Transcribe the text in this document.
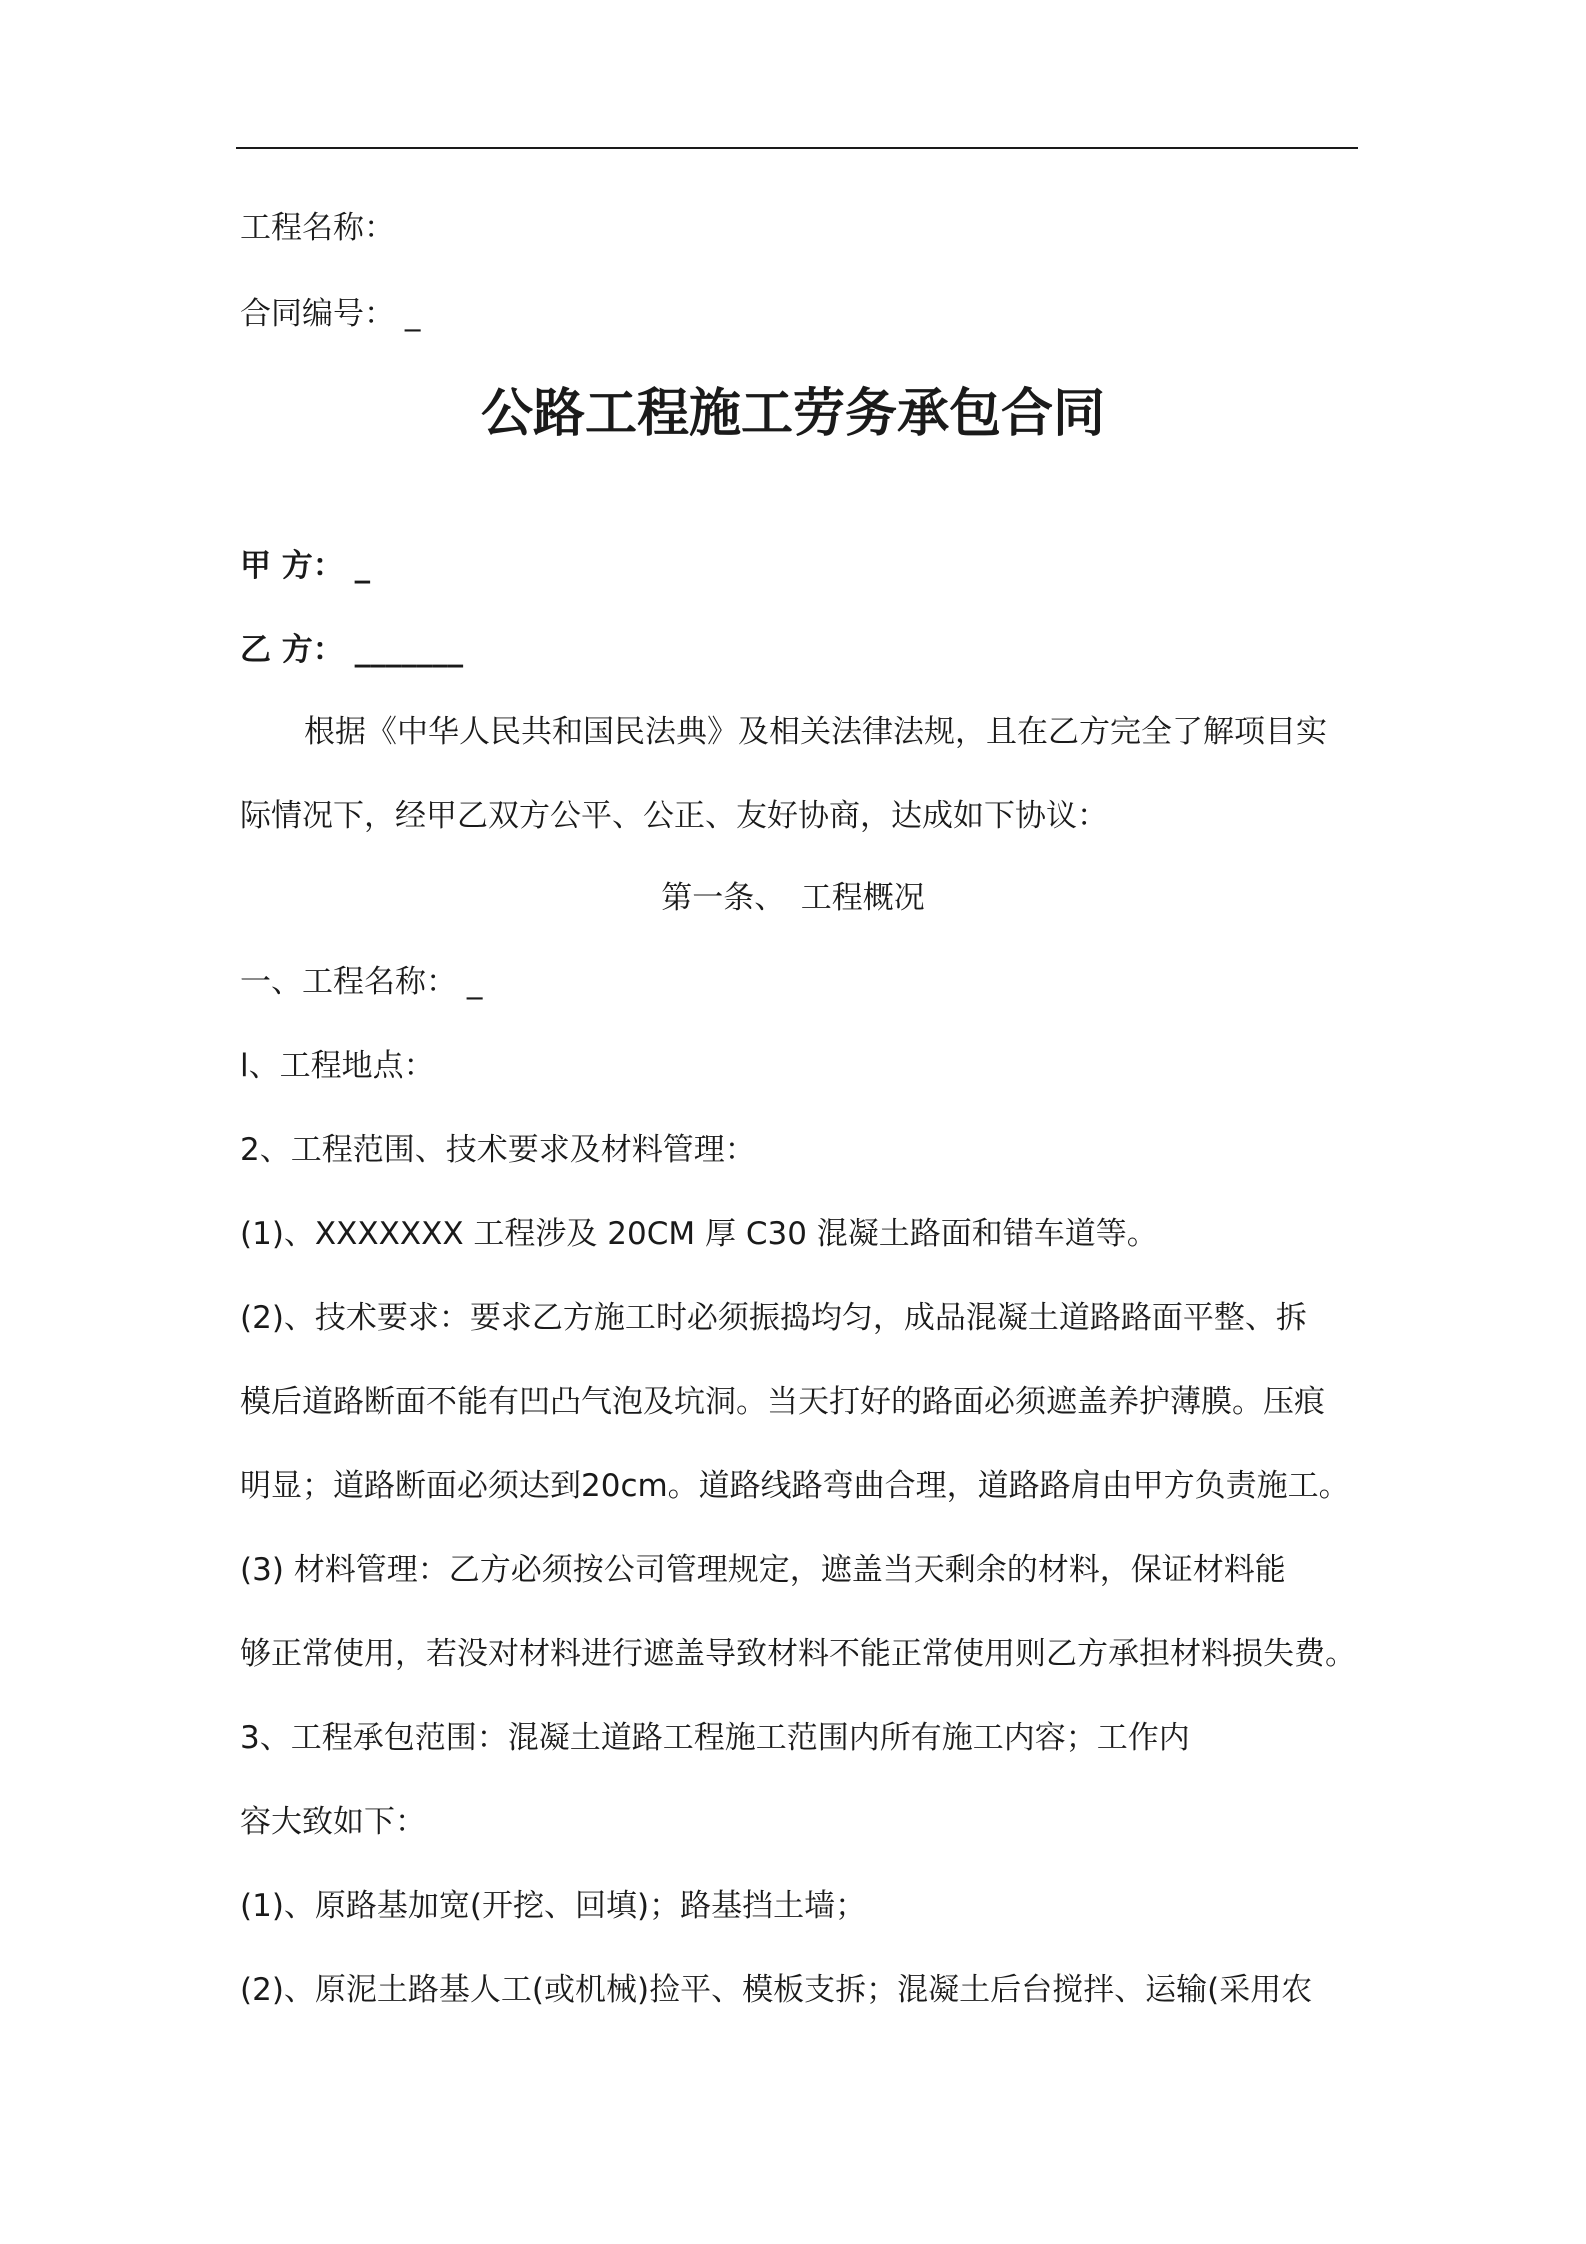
工程名称：
合同编号： _
公路工程施工劳务承包合同
甲 方： _
乙 方： _______
根据《中华人民共和国民法典》及相关法律法规，且在乙方完全了解项目实
际情况下，经甲乙双方公平、公正、友好协商，达成如下协议：
第一条、　工程概况
一、工程名称： _
l、工程地点：
2、工程范围、技术要求及材料管理：
(1)、XXXXXXX 工程涉及 20CM 厚 C30 混凝土路面和错车道等。
(2)、技术要求：要求乙方施工时必须振捣均匀，成品混凝土道路路面平整、拆
模后道路断面不能有凹凸气泡及坑洞。当天打好的路面必须遮盖养护薄膜。压痕
明显；道路断面必须达到20cm。道路线路弯曲合理，道路路肩由甲方负责施工。
(3) 材料管理：乙方必须按公司管理规定，遮盖当天剩余的材料，保证材料能
够正常使用，若没对材料进行遮盖导致材料不能正常使用则乙方承担材料损失费。
3、工程承包范围：混凝土道路工程施工范围内所有施工内容；工作内
容大致如下：
(1)、原路基加宽(开挖、回填)；路基挡土墙；
(2)、原泥土路基人工(或机械)捡平、模板支拆；混凝土后台搅拌、运输(采用农
